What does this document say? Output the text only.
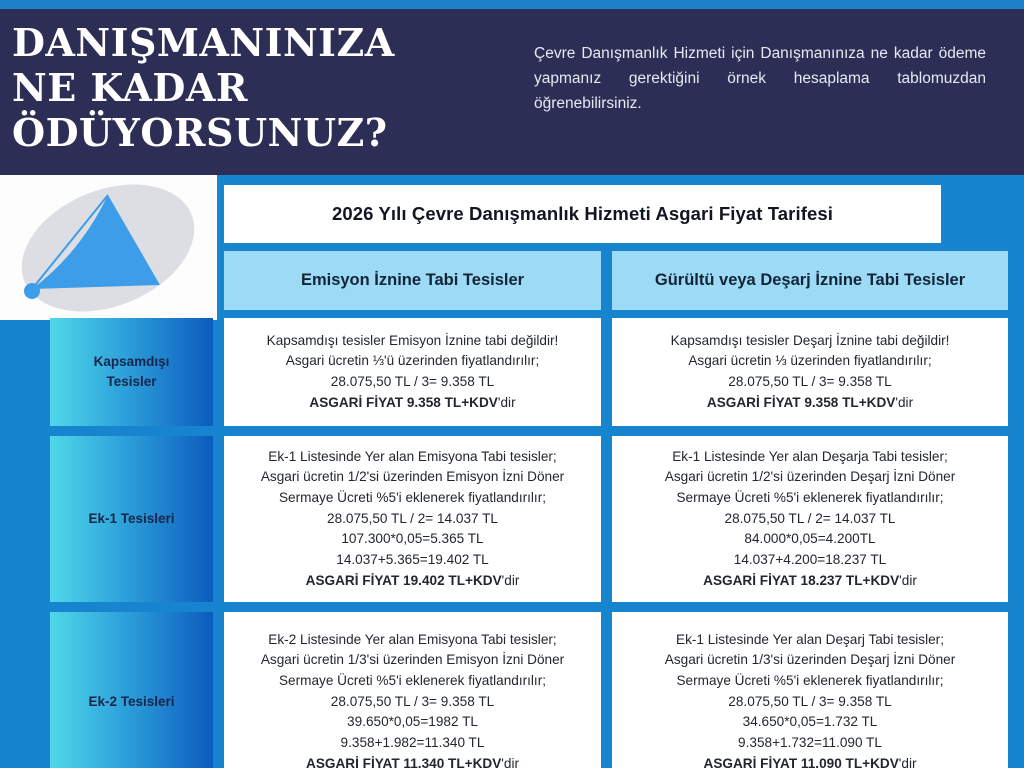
DANIŞMANINIZA
NE KADAR
ÖDÜYORSUNUZ?
Çevre Danışmanlık Hizmeti için Danışmanınıza ne kadar ödeme yapmanız gerektiğini örnek hesaplama tablomuzdan öğrenebilirsiniz.
2026 Yılı Çevre Danışmanlık Hizmeti Asgari Fiyat Tarifesi
Emisyon İznine Tabi Tesisler	Gürültü veya Deşarj İznine Tabi Tesisler
Kapsamdışı
Tesisler
Kapsamdışı tesisler Emisyon İznine tabi değildir!
Asgari ücretin ⅓'ü üzerinden fiyatlandırılır;
28.075,50 TL / 3= 9.358 TL
ASGARİ FİYAT 9.358 TL+KDV'dir
Kapsamdışı tesisler Deşarj İznine tabi değildir!
Asgari ücretin ⅓ üzerinden fiyatlandırılır;
28.075,50 TL / 3= 9.358 TL
ASGARİ FİYAT 9.358 TL+KDV'dir
Ek-1 Tesisleri
Ek-1 Listesinde Yer alan Emisyona Tabi tesisler;
Asgari ücretin 1/2'si üzerinden Emisyon İzni Döner
Sermaye Ücreti %5'i eklenerek fiyatlandırılır;
28.075,50 TL / 2= 14.037 TL
107.300*0,05=5.365 TL
14.037+5.365=19.402 TL
ASGARİ FİYAT 19.402 TL+KDV'dir
Ek-1 Listesinde Yer alan Deşarja Tabi tesisler;
Asgari ücretin 1/2'si üzerinden Deşarj İzni Döner
Sermaye Ücreti %5'i eklenerek fiyatlandırılır;
28.075,50 TL / 2= 14.037 TL
84.000*0,05=4.200TL
14.037+4.200=18.237 TL
ASGARİ FİYAT 18.237 TL+KDV'dir
Ek-2 Tesisleri
Ek-2 Listesinde Yer alan Emisyona Tabi tesisler;
Asgari ücretin 1/3'si üzerinden Emisyon İzni Döner
Sermaye Ücreti %5'i eklenerek fiyatlandırılır;
28.075,50 TL / 3= 9.358 TL
39.650*0,05=1982 TL
9.358+1.982=11.340 TL
ASGARİ FİYAT 11.340 TL+KDV'dir
Ek-1 Listesinde Yer alan Deşarj Tabi tesisler;
Asgari ücretin 1/3'si üzerinden Deşarj İzni Döner
Sermaye Ücreti %5'i eklenerek fiyatlandırılır;
28.075,50 TL / 3= 9.358 TL
34.650*0,05=1.732 TL
9.358+1.732=11.090 TL
ASGARİ FİYAT 11.090 TL+KDV'dir
